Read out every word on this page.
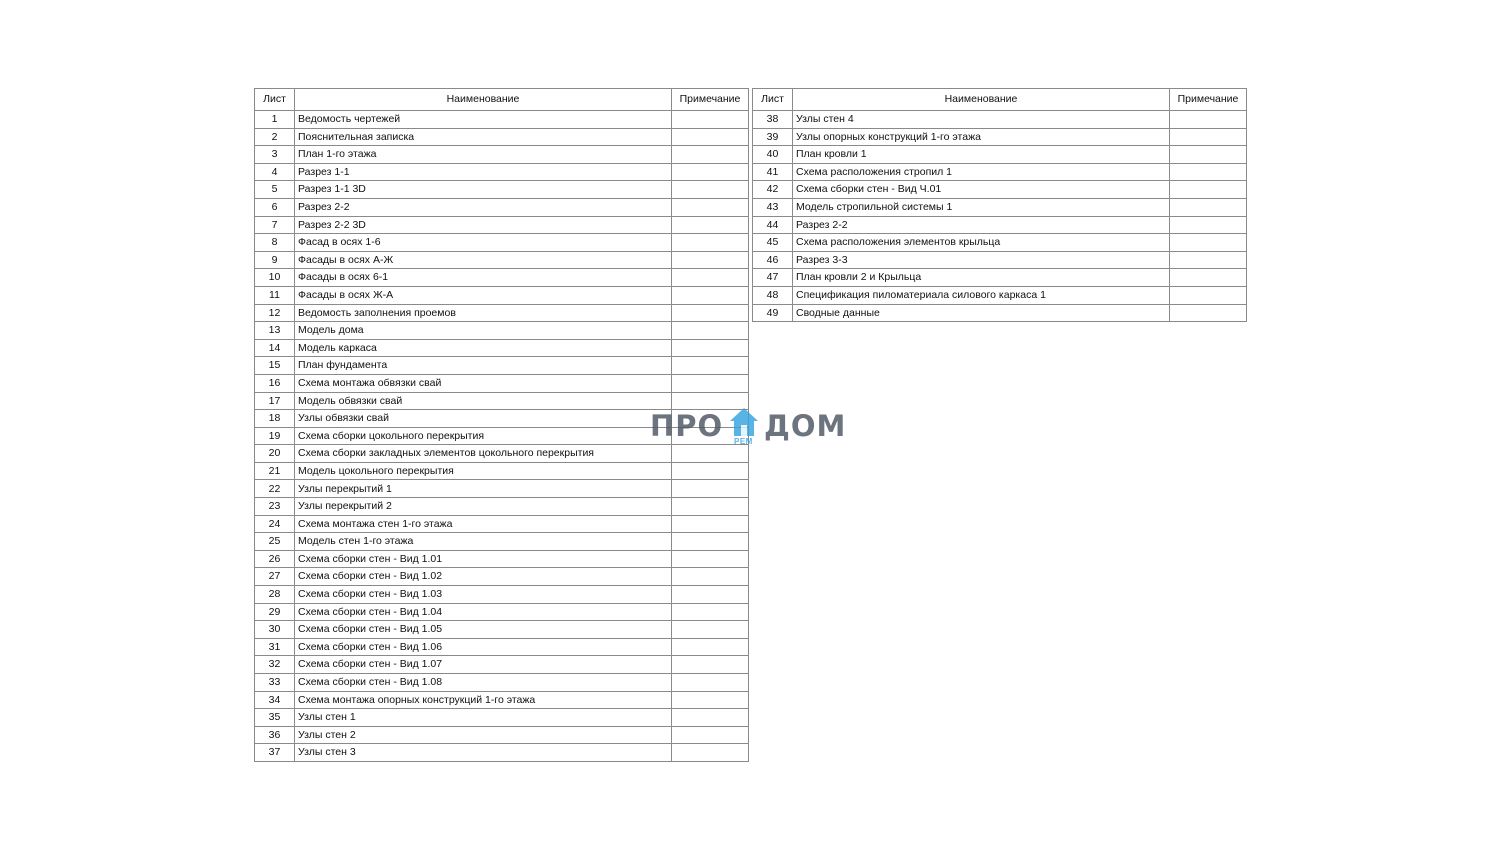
Лист	Наименование	Примечание
1	Ведомость чертежей	
2	Пояснительная записка	
3	План 1-го этажа	
4	Разрез 1-1	
5	Разрез 1-1 3D	
6	Разрез 2-2	
7	Разрез 2-2 3D	
8	Фасад в осях 1-6	
9	Фасады в осях А-Ж	
10	Фасады в осях 6-1	
11	Фасады в осях Ж-А	
12	Ведомость заполнения проемов	
13	Модель дома	
14	Модель каркаса	
15	План фундамента	
16	Схема монтажа обвязки свай	
17	Модель обвязки свай	
18	Узлы обвязки свай	
19	Схема сборки цокольного перекрытия	
20	Схема сборки закладных элементов цокольного перекрытия	
21	Модель цокольного перекрытия	
22	Узлы перекрытий 1	
23	Узлы перекрытий 2	
24	Схема монтажа стен 1-го этажа	
25	Модель стен 1-го этажа	
26	Схема сборки стен - Вид 1.01	
27	Схема сборки стен - Вид 1.02	
28	Схема сборки стен - Вид 1.03	
29	Схема сборки стен - Вид 1.04	
30	Схема сборки стен - Вид 1.05	
31	Схема сборки стен - Вид 1.06	
32	Схема сборки стен - Вид 1.07	
33	Схема сборки стен - Вид 1.08	
34	Схема монтажа опорных конструкций 1-го этажа	
35	Узлы стен 1	
36	Узлы стен 2	
37	Узлы стен 3	
Лист	Наименование	Примечание
38	Узлы стен 4	
39	Узлы опорных конструкций 1-го этажа	
40	План кровли 1	
41	Схема расположения стропил 1	
42	Схема сборки стен - Вид Ч.01	
43	Модель стропильной системы 1	
44	Разрез 2-2	
45	Схема расположения элементов крыльца	
46	Разрез 3-3	
47	План кровли 2 и Крыльца	
48	Спецификация пиломатериала силового каркаса 1	
49	Сводные данные	
ПРО РЕМ ДОМ
